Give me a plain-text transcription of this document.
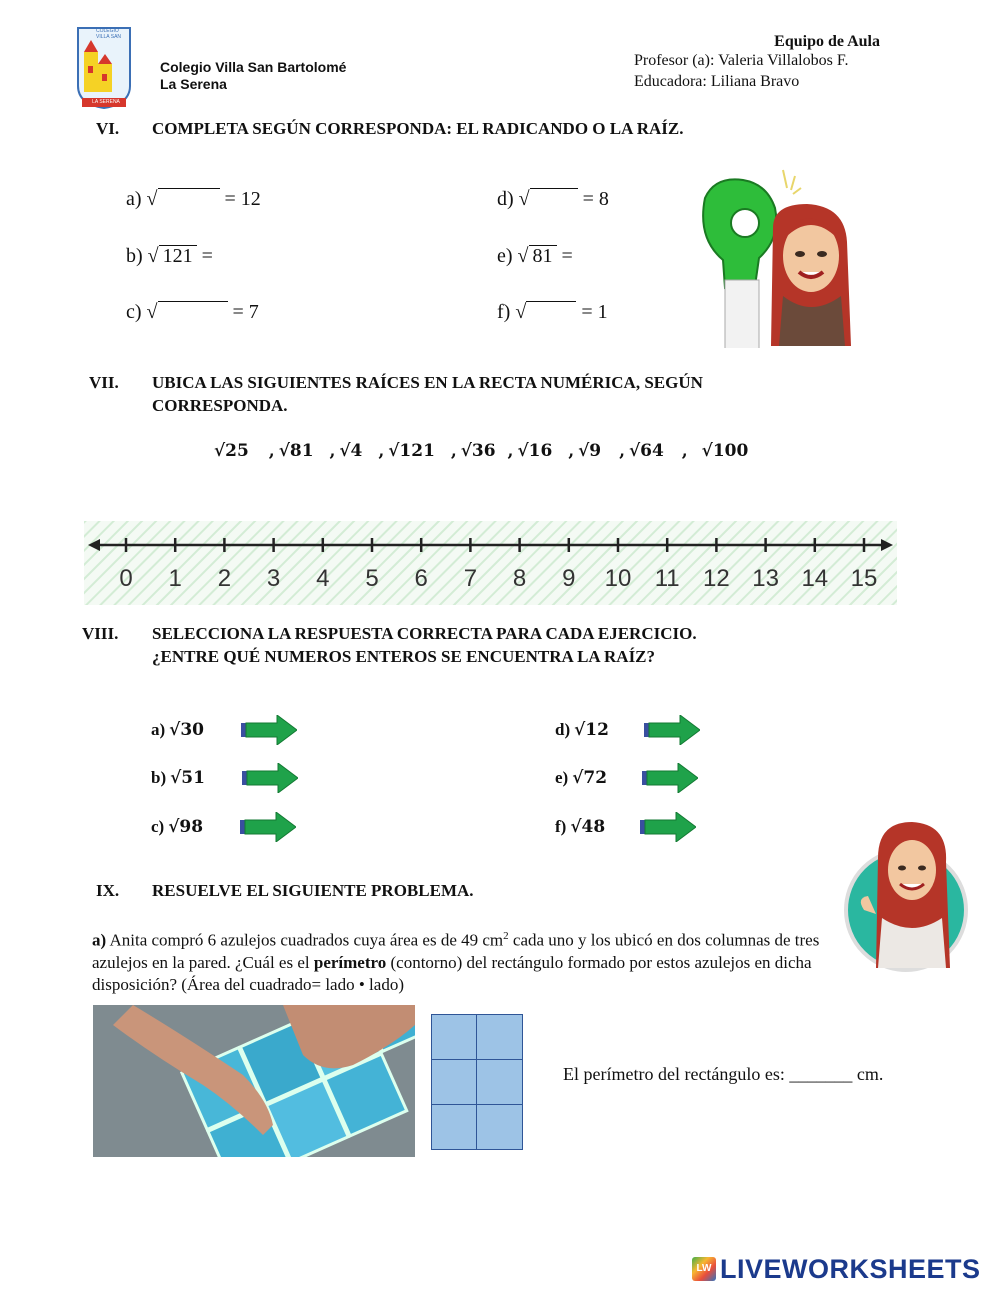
COLEGIO VILLA SAN
LA SERENA
Colegio Villa San Bartolomé
La Serena
Equipo de Aula
Profesor (a): Valeria Villalobos F.
Educadora: Liliana Bravo
VI. COMPLETA SEGÚN CORRESPONDA: EL RADICANDO O LA RAÍZ.
a) √	= 12
b) √ 121 =
c) √	= 7
d) √	= 8
e) √ 81 =
f) √	= 1
VII. UBICA LAS SIGUIENTES RAÍCES EN LA RECTA NUMÉRICA, SEGÚN
CORRESPONDA.
√25 , √81 , √4 , √121 , √36 , √16 , √9 , √64 , √100
0	1	2	3	4	5	6	7	8	9	10 11 12 13 14 15
VIII. SELECCIONA LA RESPUESTA CORRECTA PARA CADA EJERCICIO.
¿ENTRE QUÉ NUMEROS ENTEROS SE ENCUENTRA LA RAÍZ?
a) √30
b) √51
c) √98
d) √12
e) √72
f) √48
IX. RESUELVE EL SIGUIENTE PROBLEMA.
a) Anita compró 6 azulejos cuadrados cuya área es de 49 $cm^2$ cada uno y los ubicó en dos columnas de tres azulejos en la pared. ¿Cuál es el perímetro (contorno) del rectángulo formado por estos azulejos en dicha disposición? (Área del cuadrado= lado • lado)
El perímetro del rectángulo es: _______ cm.
LW LIVEWORKSHEETS
